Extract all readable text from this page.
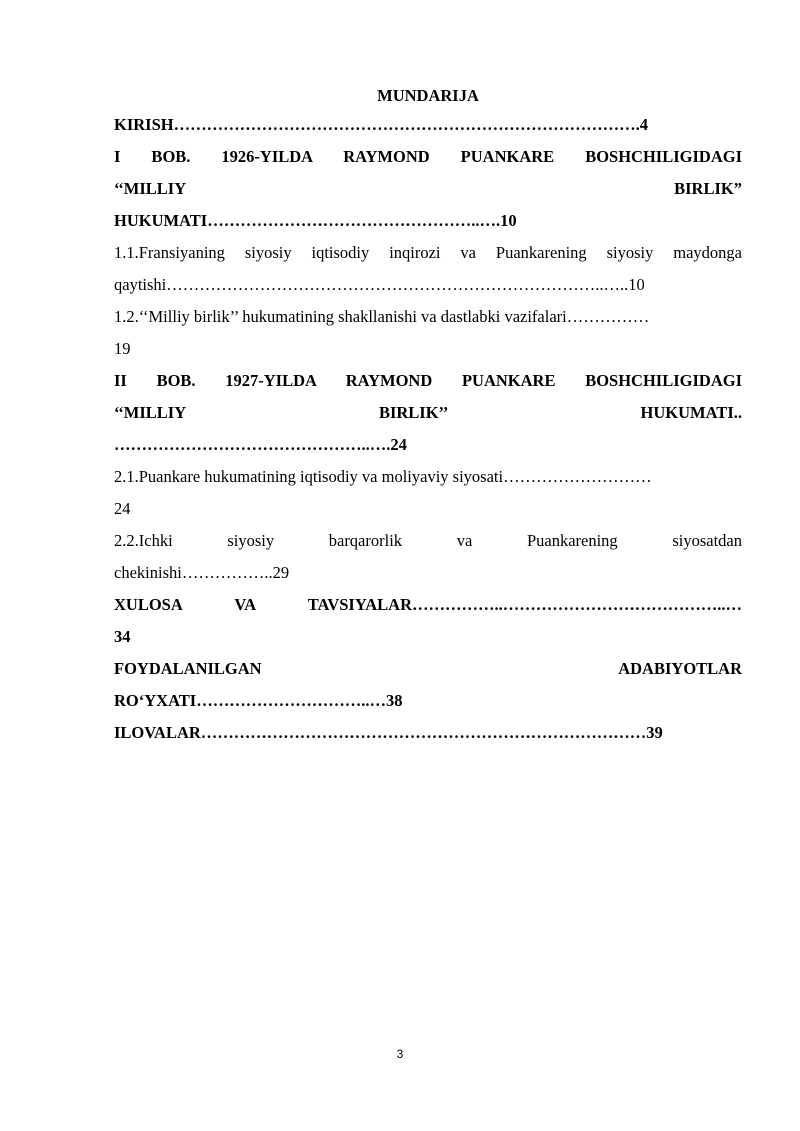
MUNDARIJA
KIRISH………………………………………………………………………….4
I BOB. 1926-YILDA RAYMOND PUANKARE BOSHCHILIGIDAGI
‘‘MILLIY BIRLIK”
HUKUMATI…………………………………………..….10
1.1.Fransiyaning siyosiy iqtisodiy inqirozi va Puankarening siyosiy maydonga
qaytishi……………………………………………………………………..…..10
1.2.‘‘Milliy birlik’’ hukumatining shakllanishi va dastlabki vazifalari……………
19
II BOB. 1927-YILDA RAYMOND PUANKARE BOSHCHILIGIDAGI
‘‘MILLIY BIRLIK’’ HUKUMATI..
………………………………………..….24
2.1.Puankare hukumatining iqtisodiy va moliyaviy siyosati………………………
24
2.2.Ichki siyosiy barqarorlik va Puankarening siyosatdan
chekinishi……………..29
XULOSA VA TAVSIYALAR……………..…………………………………..…
34
FOYDALANILGAN ADABIYOTLAR
RO‘YXATI…………………………..…38
ILOVALAR………………………………………………………………………39
3
